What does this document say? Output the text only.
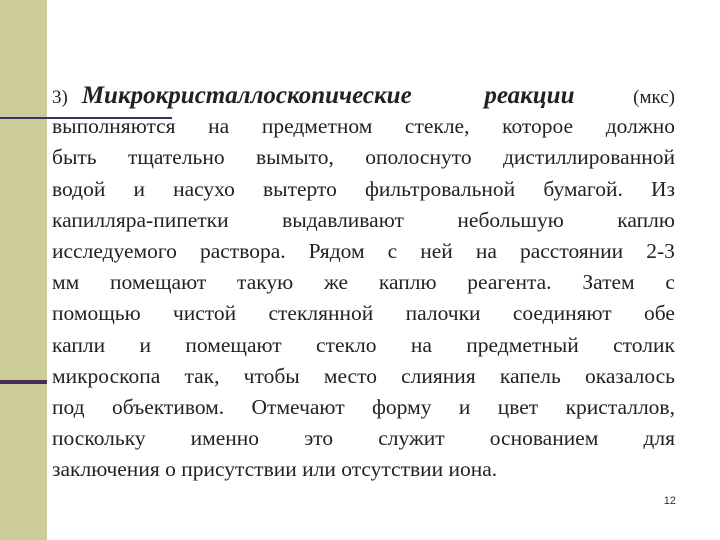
3) Микрокристаллоскопические	реакции	(мкс)
выполняются на предметном стекле, которое должно
быть тщательно вымыто, ополоснуто дистиллированной
водой и насухо вытерто фильтровальной бумагой. Из
капилляра-пипетки выдавливают небольшую каплю
исследуемого раствора. Рядом с ней на расстоянии 2-3
мм помещают такую же каплю реагента. Затем с
помощью чистой стеклянной палочки соединяют обе
капли и помещают стекло на предметный столик
микроскопа так, чтобы место слияния капель оказалось
под объективом. Отмечают форму и цвет кристаллов,
поскольку именно это служит основанием для
заключения о присутствии или отсутствии иона.
12
